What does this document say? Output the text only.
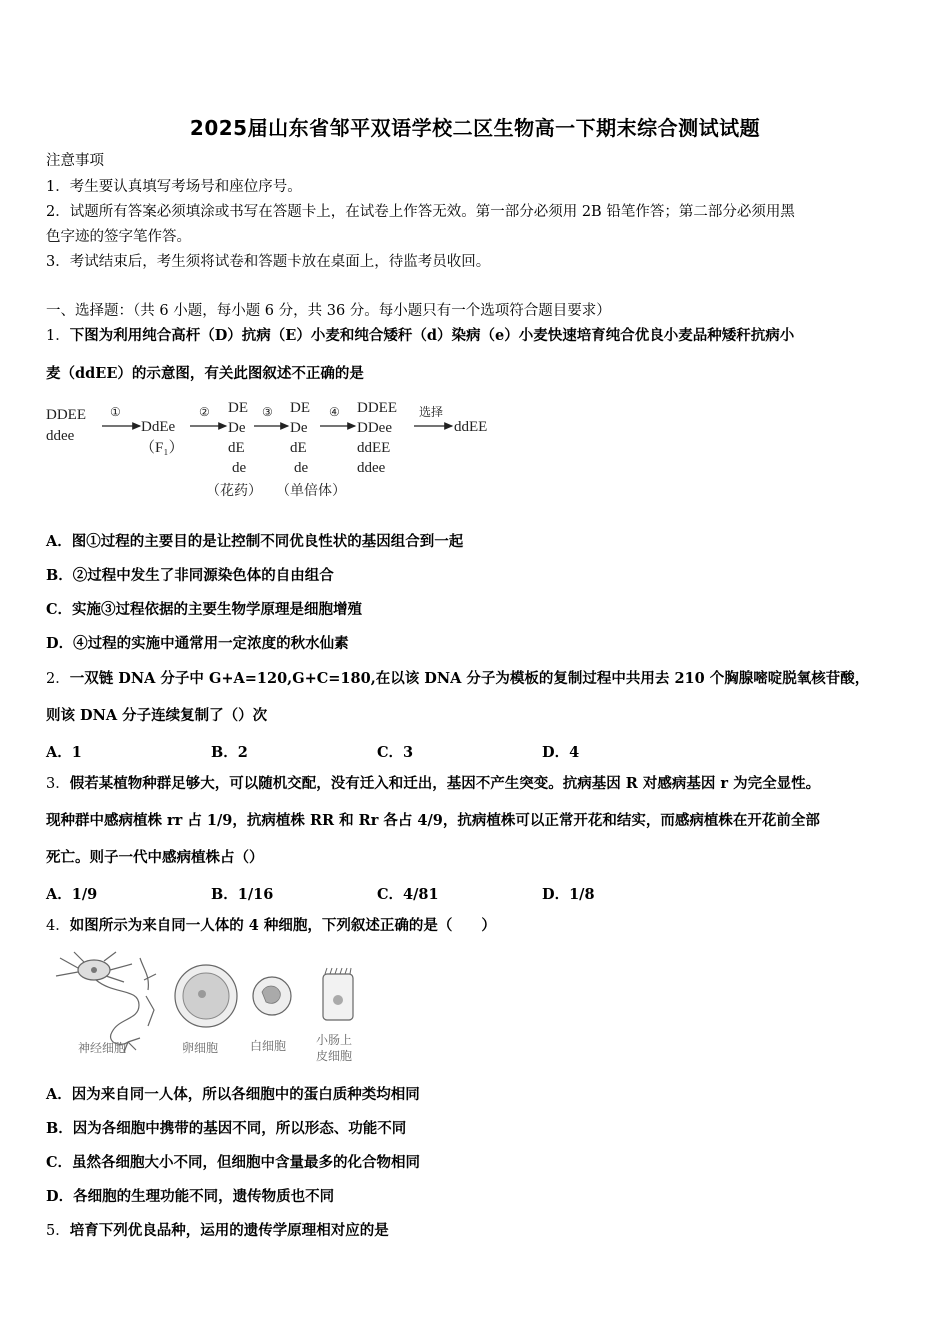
2025届山东省邹平双语学校二区生物高一下期末综合测试试题
注意事项
1．考生要认真填写考场号和座位序号。
2．试题所有答案必须填涂或书写在答题卡上，在试卷上作答无效。第一部分必须用 2B 铅笔作答；第二部分必须用黑
色字迹的签字笔作答。
3．考试结束后，考生须将试卷和答题卡放在桌面上，待监考员收回。
一、选择题：（共 6 小题，每小题 6 分，共 36 分。每小题只有一个选项符合题目要求）
1．下图为利用纯合高杆（D）抗病（E）小麦和纯合矮秆（d）染病（e）小麦快速培育纯合优良小麦品种矮秆抗病小
麦（ddEE）的示意图，有关此图叙述不正确的是
DDEE
ddee
①
DdEe
（F₁）
② DE
De
dE
de
③ DE
De
dE
de
④ DDEE
DDee
ddEE
ddee
选择
ddEE
（花药） （单倍体）
A．图①过程的主要目的是让控制不同优良性状的基因组合到一起
B．②过程中发生了非同源染色体的自由组合
C．实施③过程依据的主要生物学原理是细胞增殖
D．④过程的实施中通常用一定浓度的秋水仙素
2．一双链 DNA 分子中 G+A=120,G+C=180,在以该 DNA 分子为模板的复制过程中共用去 210 个胸腺嘧啶脱氧核苷酸，
则该 DNA 分子连续复制了（）次
A．1	B．2	C．3	D．4
3．假若某植物种群足够大，可以随机交配，没有迁入和迁出，基因不产生突变。抗病基因 R 对感病基因 r 为完全显性。
现种群中感病植株 rr 占 1/9，抗病植株 RR 和 Rr 各占 4/9，抗病植株可以正常开花和结实，而感病植株在开花前全部
死亡。则子一代中感病植株占（）
A．1/9	B．1/16	C．4/81	D．1/8
4．如图所示为来自同一人体的 4 种细胞，下列叙述正确的是（　　）
神经细胞	卵细胞	白细胞 小肠上
皮细胞
A．因为来自同一人体，所以各细胞中的蛋白质种类均相同
B．因为各细胞中携带的基因不同，所以形态、功能不同
C．虽然各细胞大小不同，但细胞中含量最多的化合物相同
D．各细胞的生理功能不同，遗传物质也不同
5．培育下列优良品种，运用的遗传学原理相对应的是
